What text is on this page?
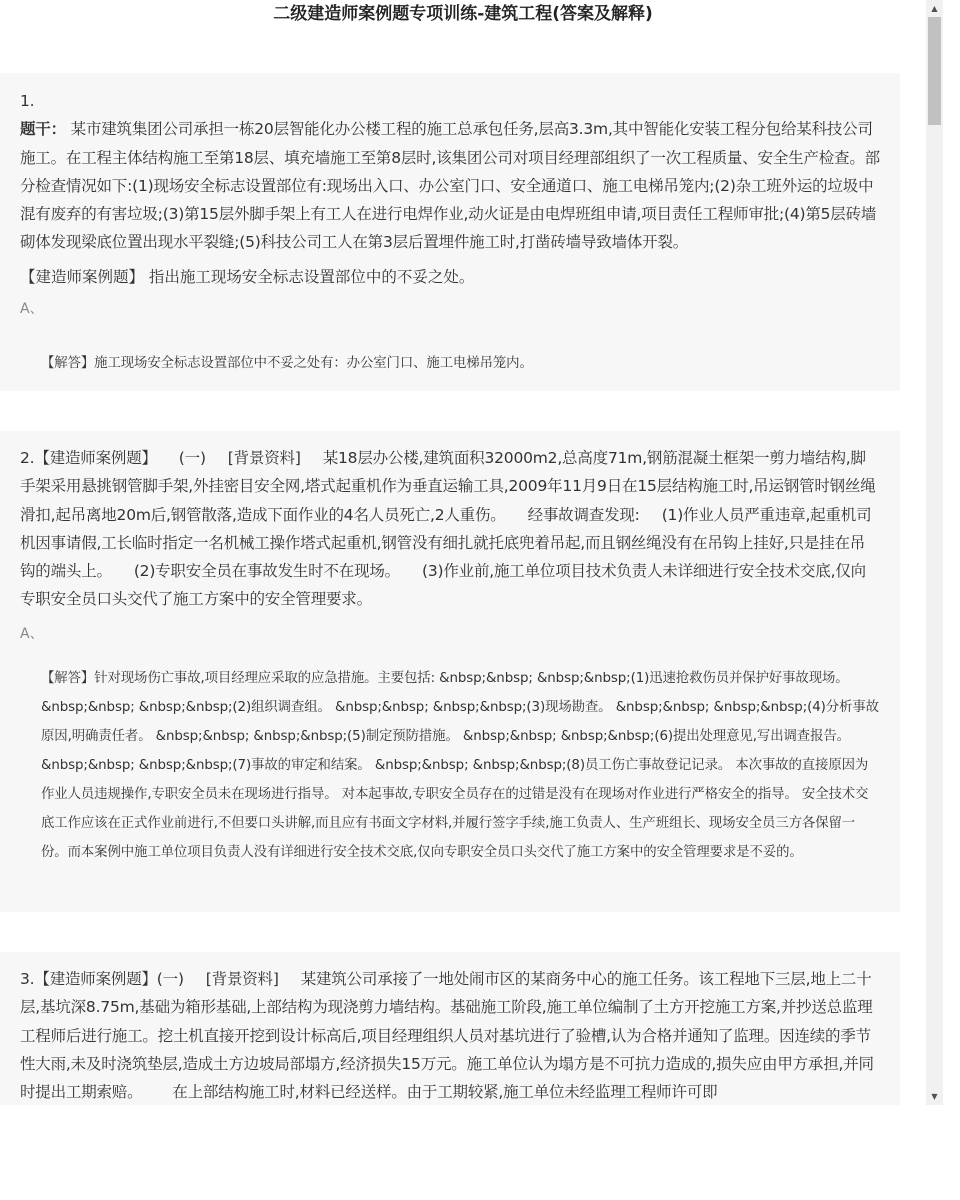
二级建造师案例题专项训练-建筑工程(答案及解释)

1.
题干： 某市建筑集团公司承担一栋20层智能化办公楼工程的施工总承包任务,层高3.3m,其中智能化安装工程分包给某科技公司施工。在工程主体结构施工至第18层、填充墙施工至第8层时,该集团公司对项目经理部组织了一次工程质量、安全生产检查。部分检查情况如下:(1)现场安全标志设置部位有:现场出入口、办公室门口、安全通道口、施工电梯吊笼内;(2)杂工班外运的垃圾中混有废弃的有害垃圾;(3)第15层外脚手架上有工人在进行电焊作业,动火证是由电焊班组申请,项目责任工程师审批;(4)第5层砖墙砌体发现梁底位置出现水平裂缝;(5)科技公司工人在第3层后置埋件施工时,打凿砖墙导致墙体开裂。

【建造师案例题】 指出施工现场安全标志设置部位中的不妥之处。

A、

【解答】施工现场安全标志设置部位中不妥之处有：办公室门口、施工电梯吊笼内。

2.【建造师案例题】 (一) [背景资料] 某18层办公楼,建筑面积32000m2,总高度71m,钢筋混凝土框架一剪力墙结构,脚手架采用悬挑钢管脚手架,外挂密目安全网,塔式起重机作为垂直运输工具,2009年11月9日在15层结构施工时,吊运钢管时钢丝绳滑扣,起吊离地20m后,钢管散落,造成下面作业的4名人员死亡,2人重伤。 经事故调查发现: (1)作业人员严重违章,起重机司机因事请假,工长临时指定一名机械工操作塔式起重机,钢管没有细扎就托底兜着吊起,而且钢丝绳没有在吊钩上挂好,只是挂在吊钩的端头上。 (2)专职安全员在事故发生时不在现场。 (3)作业前,施工单位项目技术负责人未详细进行安全技术交底,仅向专职安全员口头交代了施工方案中的安全管理要求。

A、

【解答】针对现场伤亡事故,项目经理应采取的应急措施。主要包括: &nbsp;&nbsp; &nbsp;&nbsp;(1)迅速抢救伤员并保护好事故现场。 &nbsp;&nbsp; &nbsp;&nbsp;(2)组织调查组。 &nbsp;&nbsp; &nbsp;&nbsp;(3)现场勘查。 &nbsp;&nbsp; &nbsp;&nbsp;(4)分析事故原因,明确责任者。 &nbsp;&nbsp; &nbsp;&nbsp;(5)制定预防措施。 &nbsp;&nbsp; &nbsp;&nbsp;(6)提出处理意见,写出调查报告。 &nbsp;&nbsp; &nbsp;&nbsp;(7)事故的审定和结案。 &nbsp;&nbsp; &nbsp;&nbsp;(8)员工伤亡事故登记记录。 本次事故的直接原因为作业人员违规操作,专职安全员未在现场进行指导。 对本起事故,专职安全员存在的过错是没有在现场对作业进行严格安全的指导。 安全技术交底工作应该在正式作业前进行,不但要口头讲解,而且应有书面文字材料,并履行签字手续,施工负责人、生产班组长、现场安全员三方各保留一份。而本案例中施工单位项目负责人没有详细进行安全技术交底,仅向专职安全员口头交代了施工方案中的安全管理要求是不妥的。

3.【建造师案例题】(一) [背景资料] 某建筑公司承接了一地处闹市区的某商务中心的施工任务。该工程地下三层,地上二十层,基坑深8.75m,基础为箱形基础,上部结构为现浇剪力墙结构。基础施工阶段,施工单位编制了土方开挖施工方案,并抄送总监理工程师后进行施工。挖土机直接开挖到设计标高后,项目经理组织人员对基坑进行了验槽,认为合格并通知了监理。因连续的季节性大雨,未及时浇筑垫层,造成土方边坡局部塌方,经济损失15万元。施工单位认为塌方是不可抗力造成的,损失应由甲方承担,并同时提出工期索赔。 在上部结构施工时,材料已经送样。由于工期较紧,施工单位未经监理工程师许可即

▲
▼
